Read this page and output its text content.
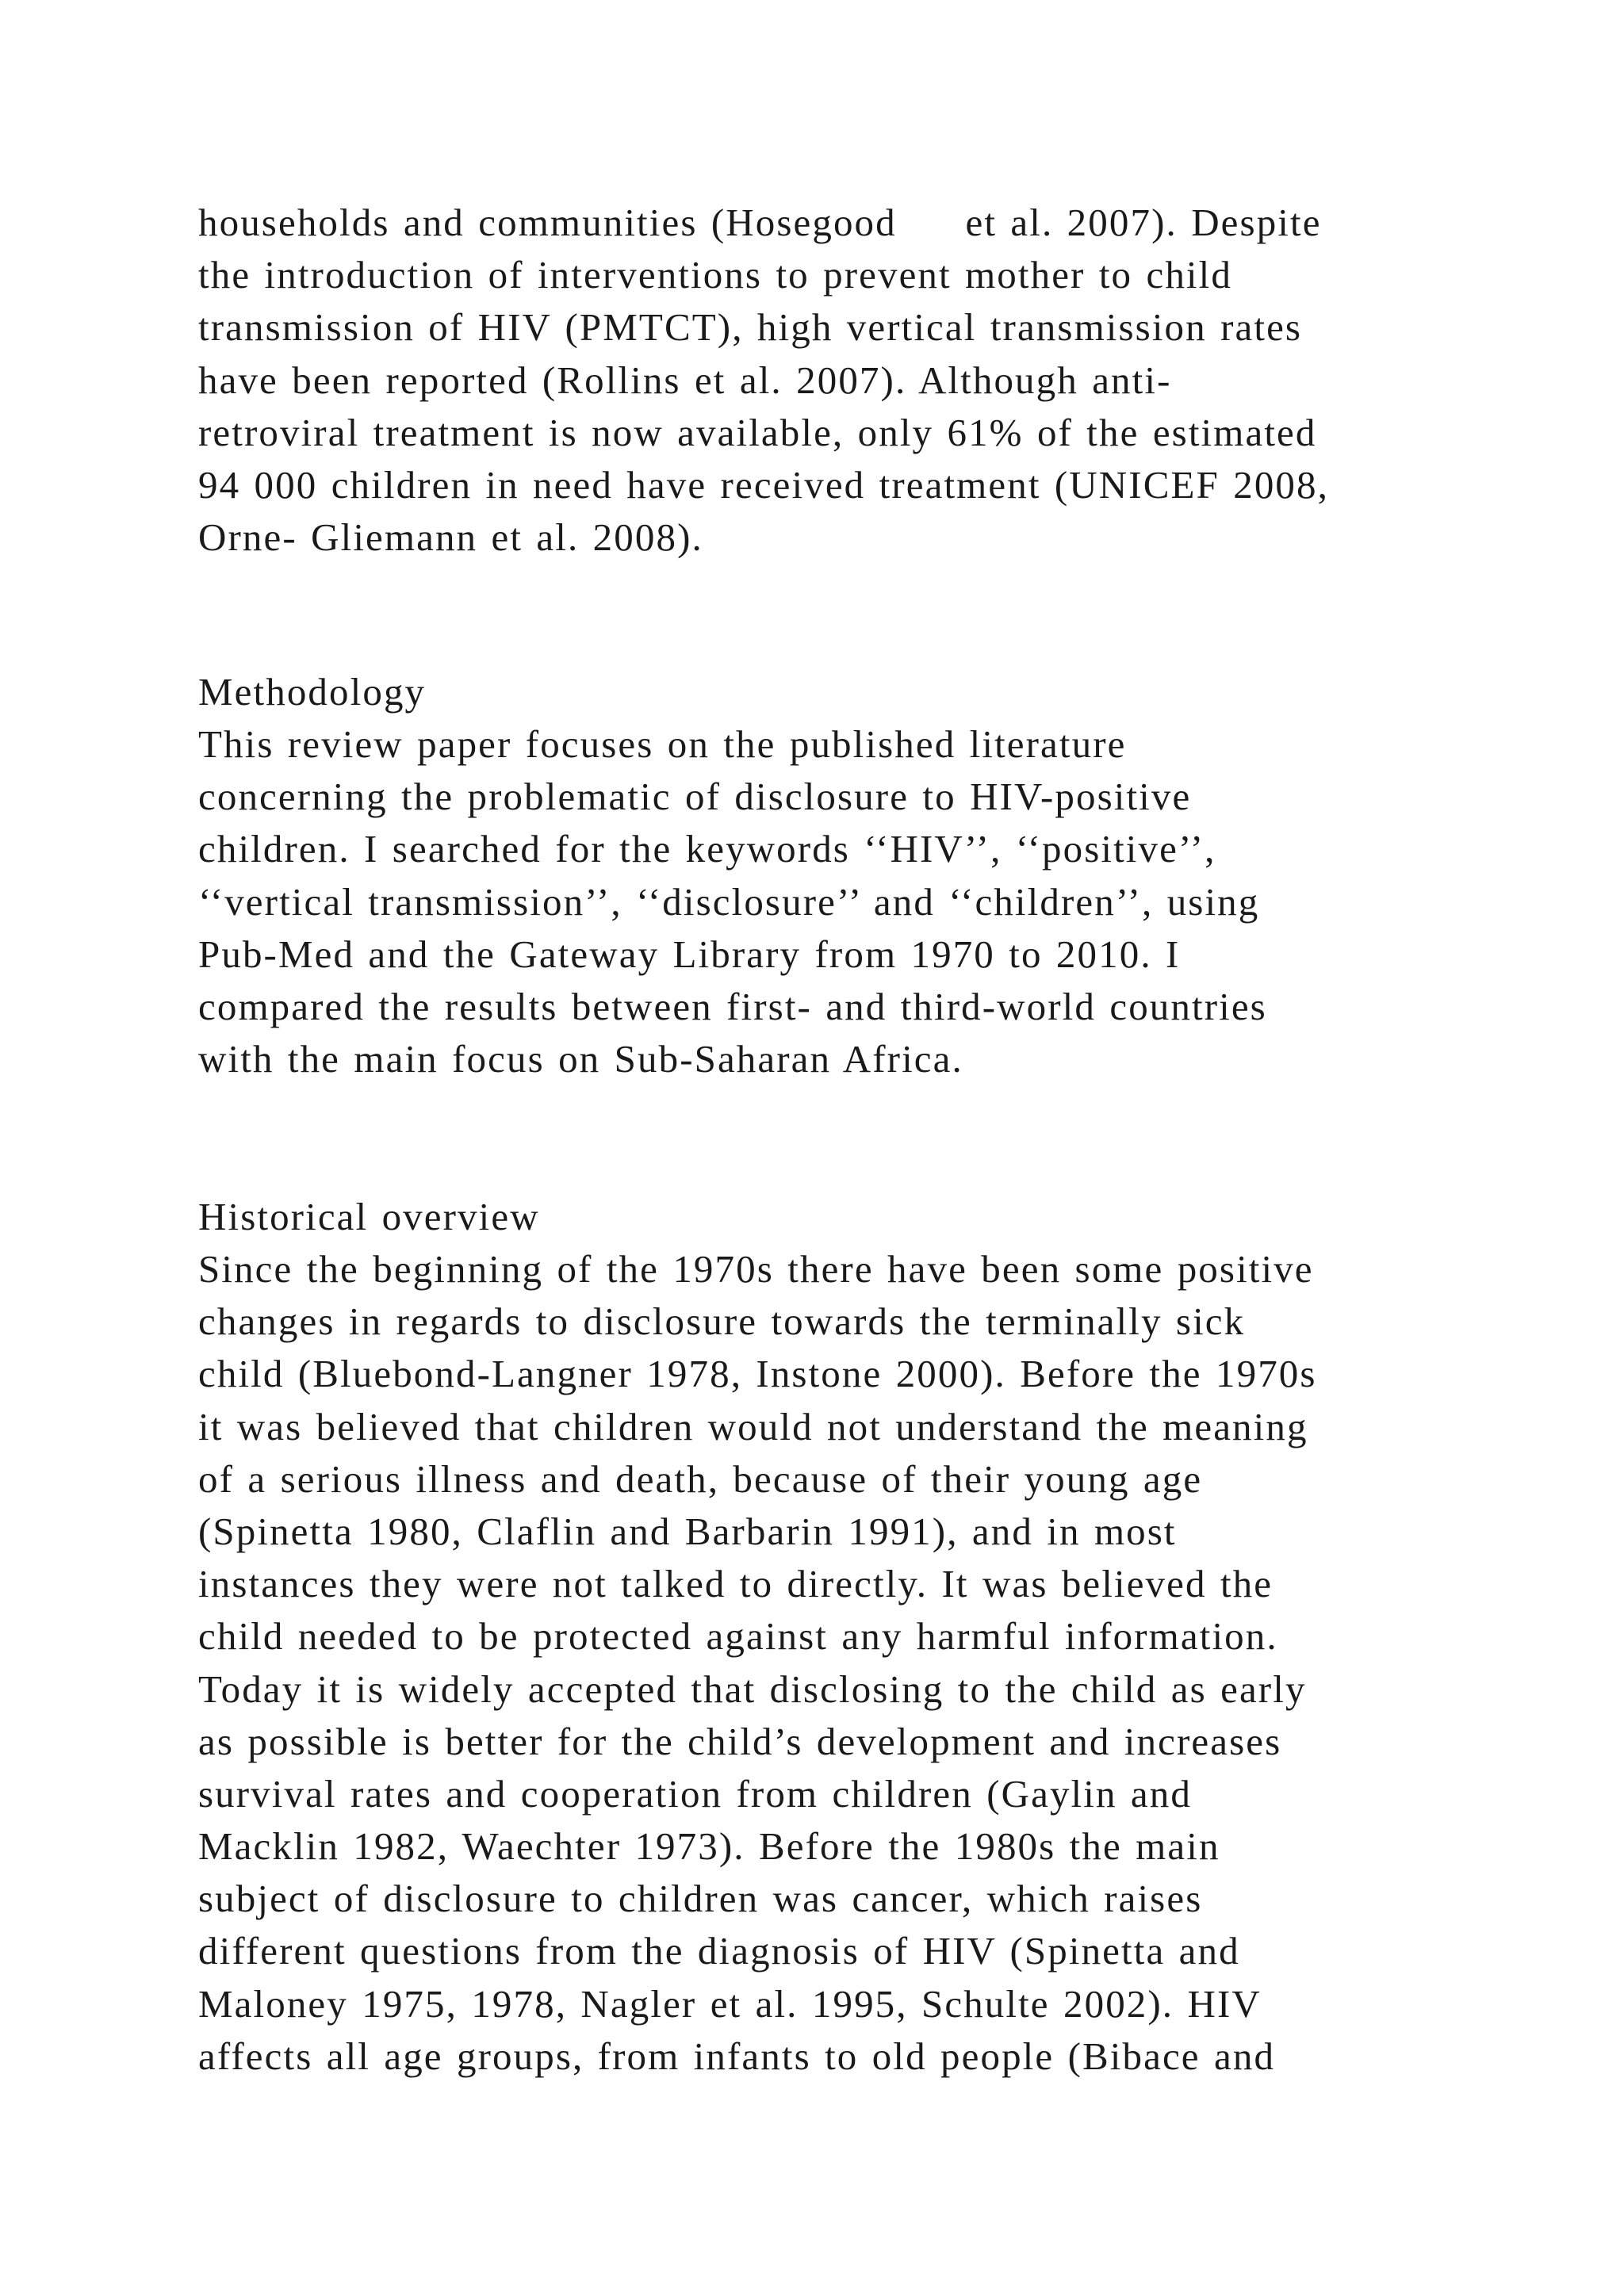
households and communities (Hosegood     et al. 2007). Despite
the introduction of interventions to prevent mother to child
transmission of HIV (PMTCT), high vertical transmission rates
have been reported (Rollins et al. 2007). Although anti-
retroviral treatment is now available, only 61% of the estimated
94 000 children in need have received treatment (UNICEF 2008,
Orne- Gliemann et al. 2008).
Methodology
This review paper focuses on the published literature
concerning the problematic of disclosure to HIV-positive
children. I searched for the keywords ‘‘HIV’’, ‘‘positive’’,
‘‘vertical transmission’’, ‘‘disclosure’’ and ‘‘children’’, using
Pub-Med and the Gateway Library from 1970 to 2010. I
compared the results between first- and third-world countries
with the main focus on Sub-Saharan Africa.
Historical overview
Since the beginning of the 1970s there have been some positive
changes in regards to disclosure towards the terminally sick
child (Bluebond-Langner 1978, Instone 2000). Before the 1970s
it was believed that children would not understand the meaning
of a serious illness and death, because of their young age
(Spinetta 1980, Claflin and Barbarin 1991), and in most
instances they were not talked to directly. It was believed the
child needed to be protected against any harmful information.
Today it is widely accepted that disclosing to the child as early
as possible is better for the child’s development and increases
survival rates and cooperation from children (Gaylin and
Macklin 1982, Waechter 1973). Before the 1980s the main
subject of disclosure to children was cancer, which raises
different questions from the diagnosis of HIV (Spinetta and
Maloney 1975, 1978, Nagler et al. 1995, Schulte 2002). HIV
affects all age groups, from infants to old people (Bibace and
